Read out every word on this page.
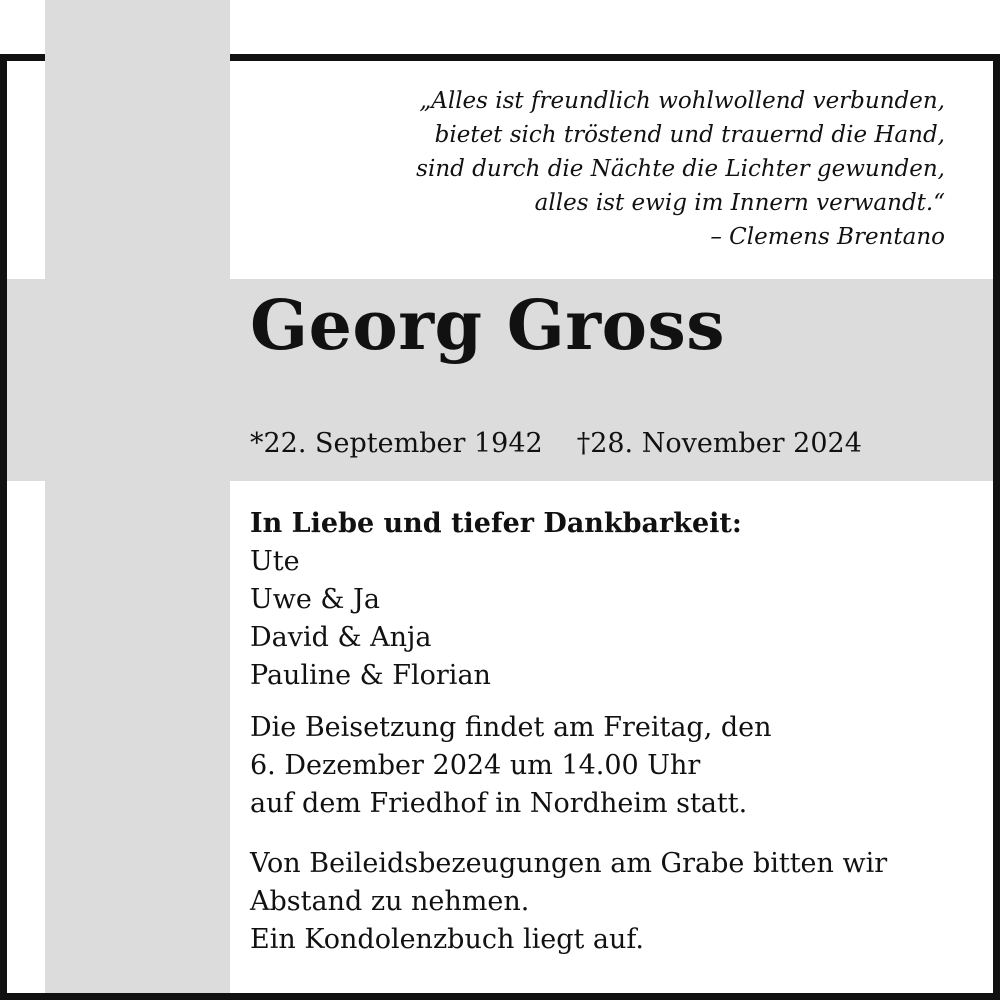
„Alles ist freundlich wohlwollend verbunden,
bietet sich tröstend und trauernd die Hand,
sind durch die Nächte die Lichter gewunden,
alles ist ewig im Innern verwandt.“
– Clemens Brentano
Georg Gross
*22. September 1942 †28. November 2024
In Liebe und tiefer Dankbarkeit:
Ute
Uwe & Ja
David & Anja
Pauline & Florian
Die Beisetzung findet am Freitag, den
6. Dezember 2024 um 14.00 Uhr
auf dem Friedhof in Nordheim statt.
Von Beileidsbezeugungen am Grabe bitten wir
Abstand zu nehmen.
Ein Kondolenzbuch liegt auf.
